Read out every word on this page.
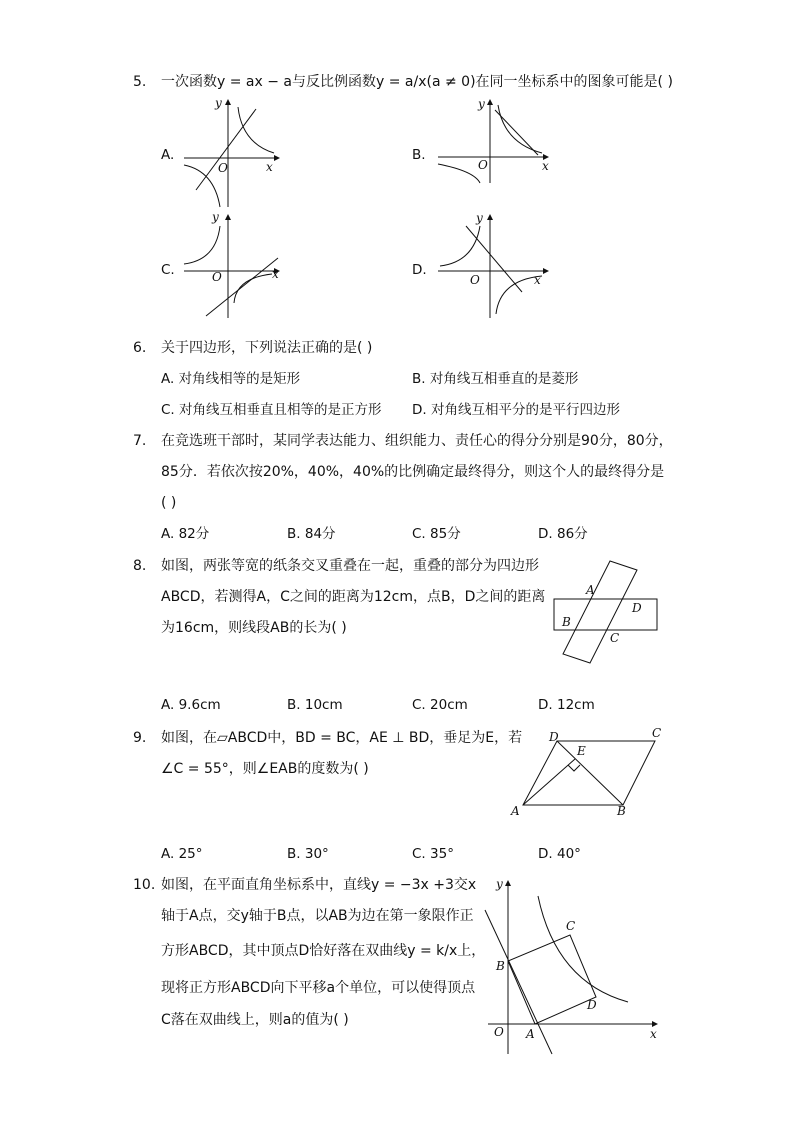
5. 一次函数y = ax − a与反比例函数y = a/x(a ≠ 0)在同一坐标系中的图象可能是( )
A.
x
y
O
B.
x
y
O
C.	x
y
O	D.
x
y
O
6. 关于四边形，下列说法正确的是( )
A. 对角线相等的是矩形	B. 对角线互相垂直的是菱形
C. 对角线互相垂直且相等的是正方形 D. 对角线互相平分的是平行四边形
7. 在竞选班干部时，某同学表达能力、组织能力、责任心的得分分别是90分，80分，
85分．若依次按20%，40%，40%的比例确定最终得分，则这个人的最终得分是
( )
A. 82分	B. 84分	C. 85分	D. 86分
8. 如图，两张等宽的纸条交叉重叠在一起，重叠的部分为四边形
ABCD，若测得A，C之间的距离为12cm，点B，D之间的距离
为16cm，则线段AB的长为( )
A
B
C
D
A. 9.6cm	B. 10cm	C. 20cm	D. 12cm
9. 如图，在▱ABCD中，BD = BC，AE ⊥ BD，垂足为E，若
∠C = 55°，则∠EAB的度数为( )
D	C
E
A	B
A. 25°	B. 30°	C. 35°	D. 40°
10. 如图，在平面直角坐标系中，直线y = −3x +3交x
轴于A点，交y轴于B点，以AB为边在第一象限作正
方形ABCD，其中顶点D恰好落在双曲线y = k/x上，
现将正方形ABCD向下平移a个单位，可以使得顶点
C落在双曲线上，则a的值为( )
x
y
O A
B
C
D
